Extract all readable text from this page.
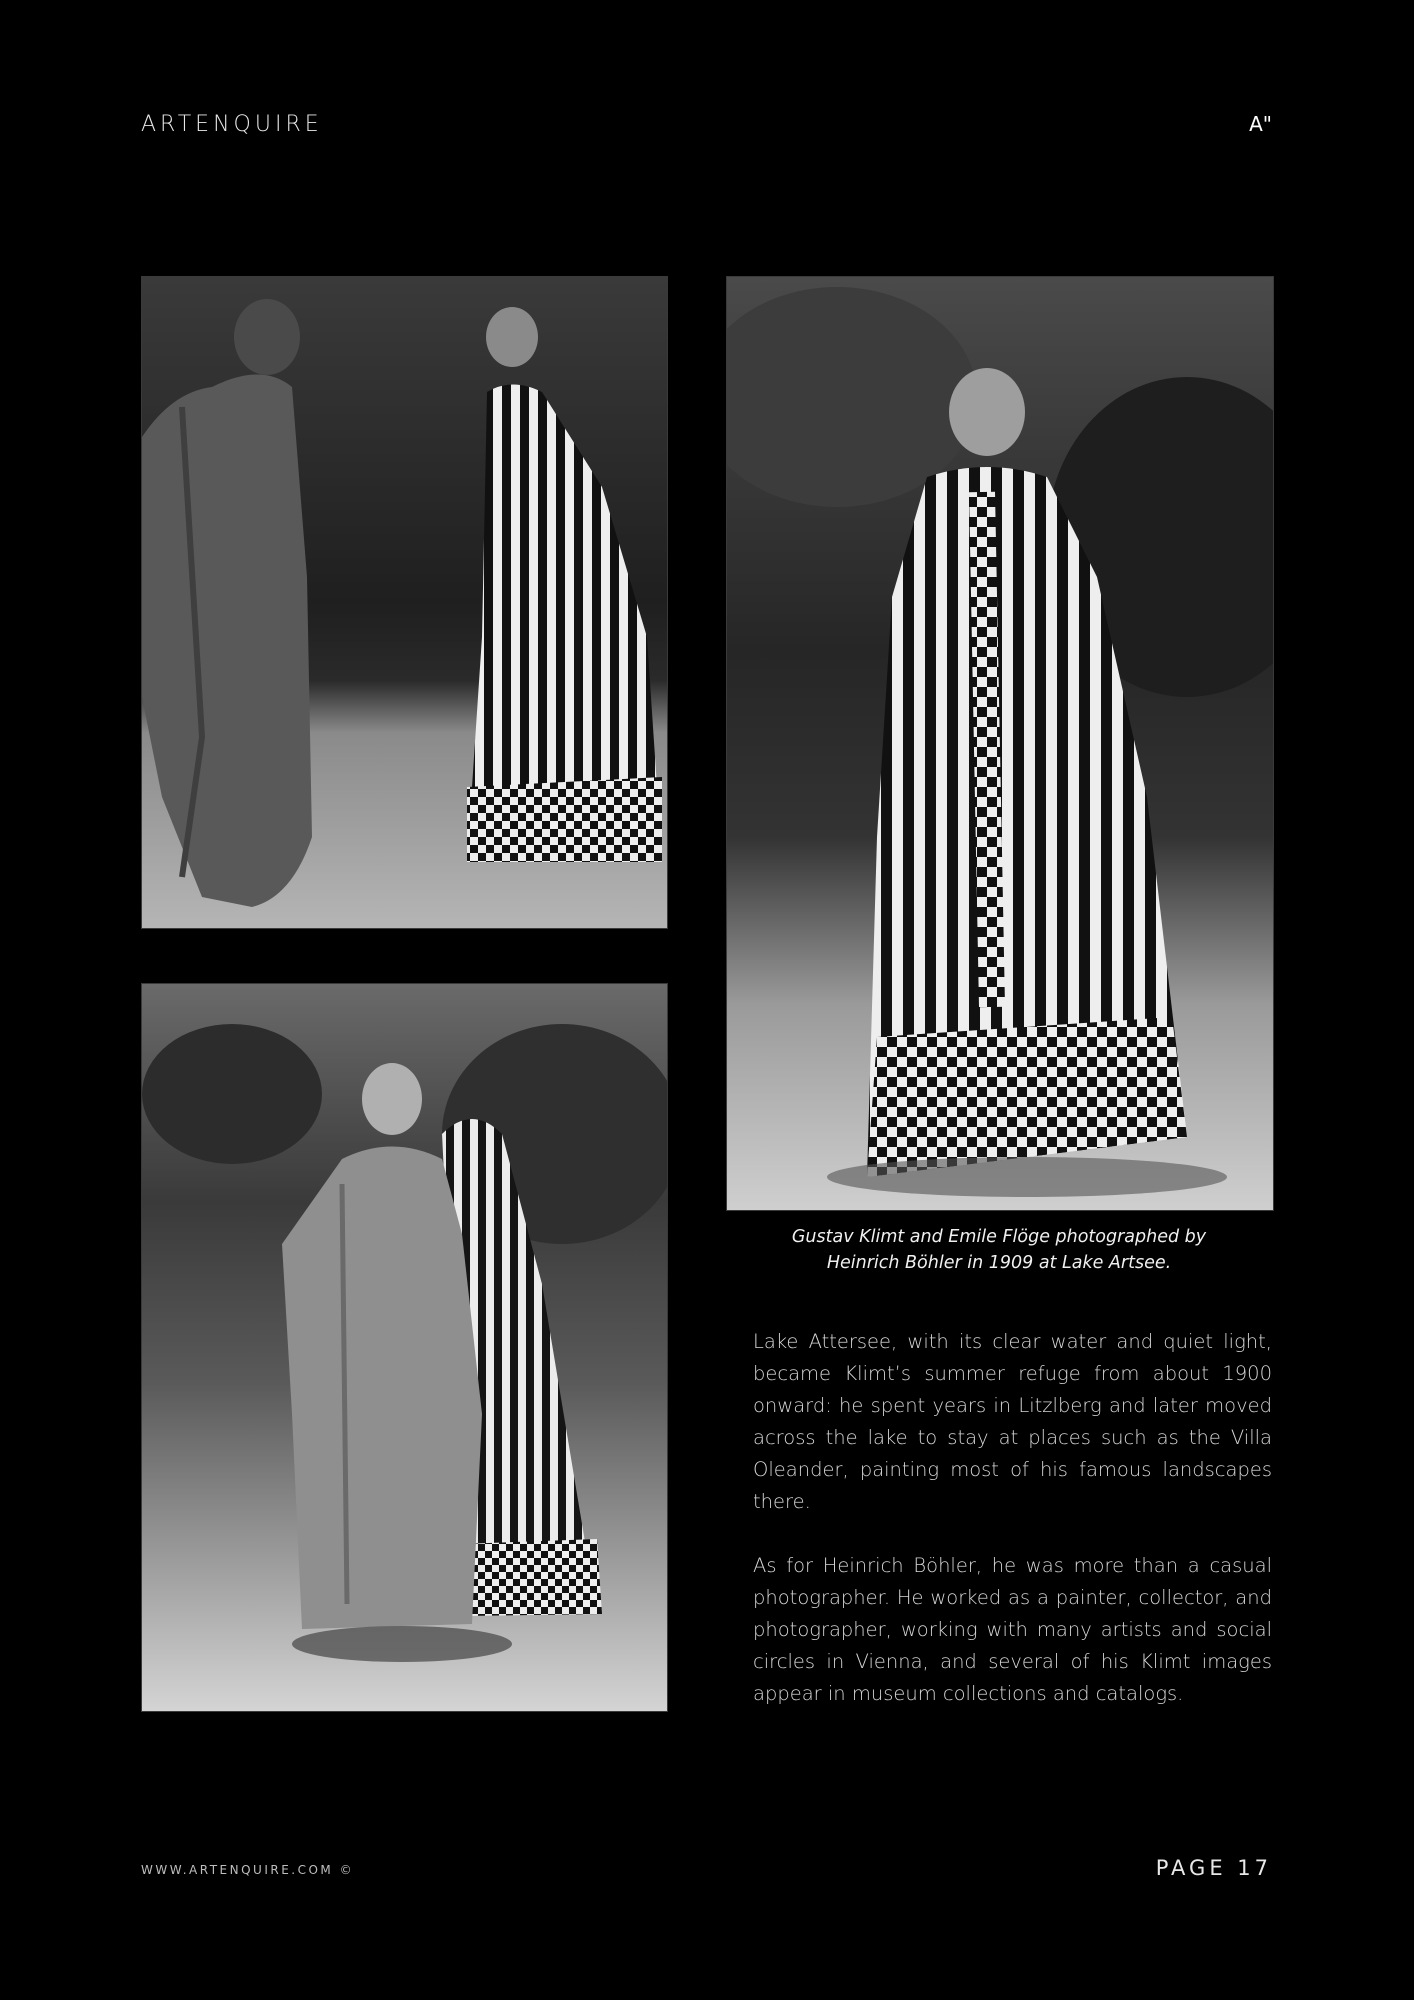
ARTENQUIRE	A"
Gustav Klimt and Emile Flöge photographed by
Heinrich Böhler in 1909 at Lake Artsee.

Lake Attersee, with its clear water and quiet light, became Klimt’s summer refuge from about 1900 onward: he spent years in Litzlberg and later moved across the lake to stay at places such as the Villa Oleander, painting most of his famous landscapes there.

As for Heinrich Böhler, he was more than a casual photographer. He worked as a painter, collector, and photographer, working with many artists and social circles in Vienna, and several of his Klimt images appear in museum collections and catalogs.

WWW.ARTENQUIRE.COM ©	PAGE 17
